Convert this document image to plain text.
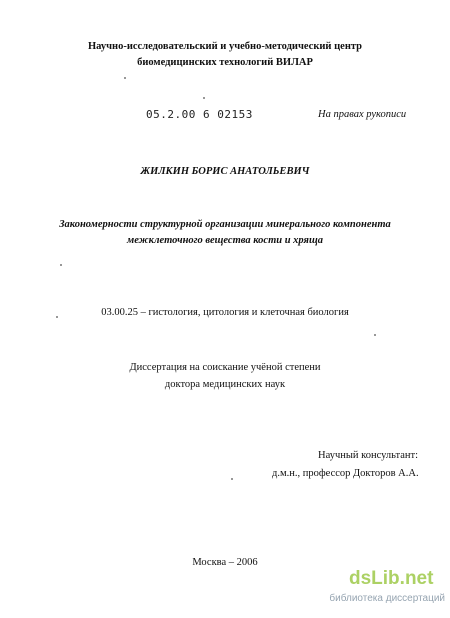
Научно-исследовательский и учебно-методический центр
биомедицинских технологий ВИЛАР
05.2.00 6 02153	На правах рукописи
ЖИЛКИН БОРИС АНАТОЛЬЕВИЧ
Закономерности структурной организации минерального компонента
межклеточного вещества кости и хряща
03.00.25 – гистология, цитология и клеточная биология
Диссертация на соискание учёной степени
доктора медицинских наук
Научный консультант:
д.м.н., профессор Докторов А.А.
Москва – 2006
dsLib.net
библиотека диссертаций
